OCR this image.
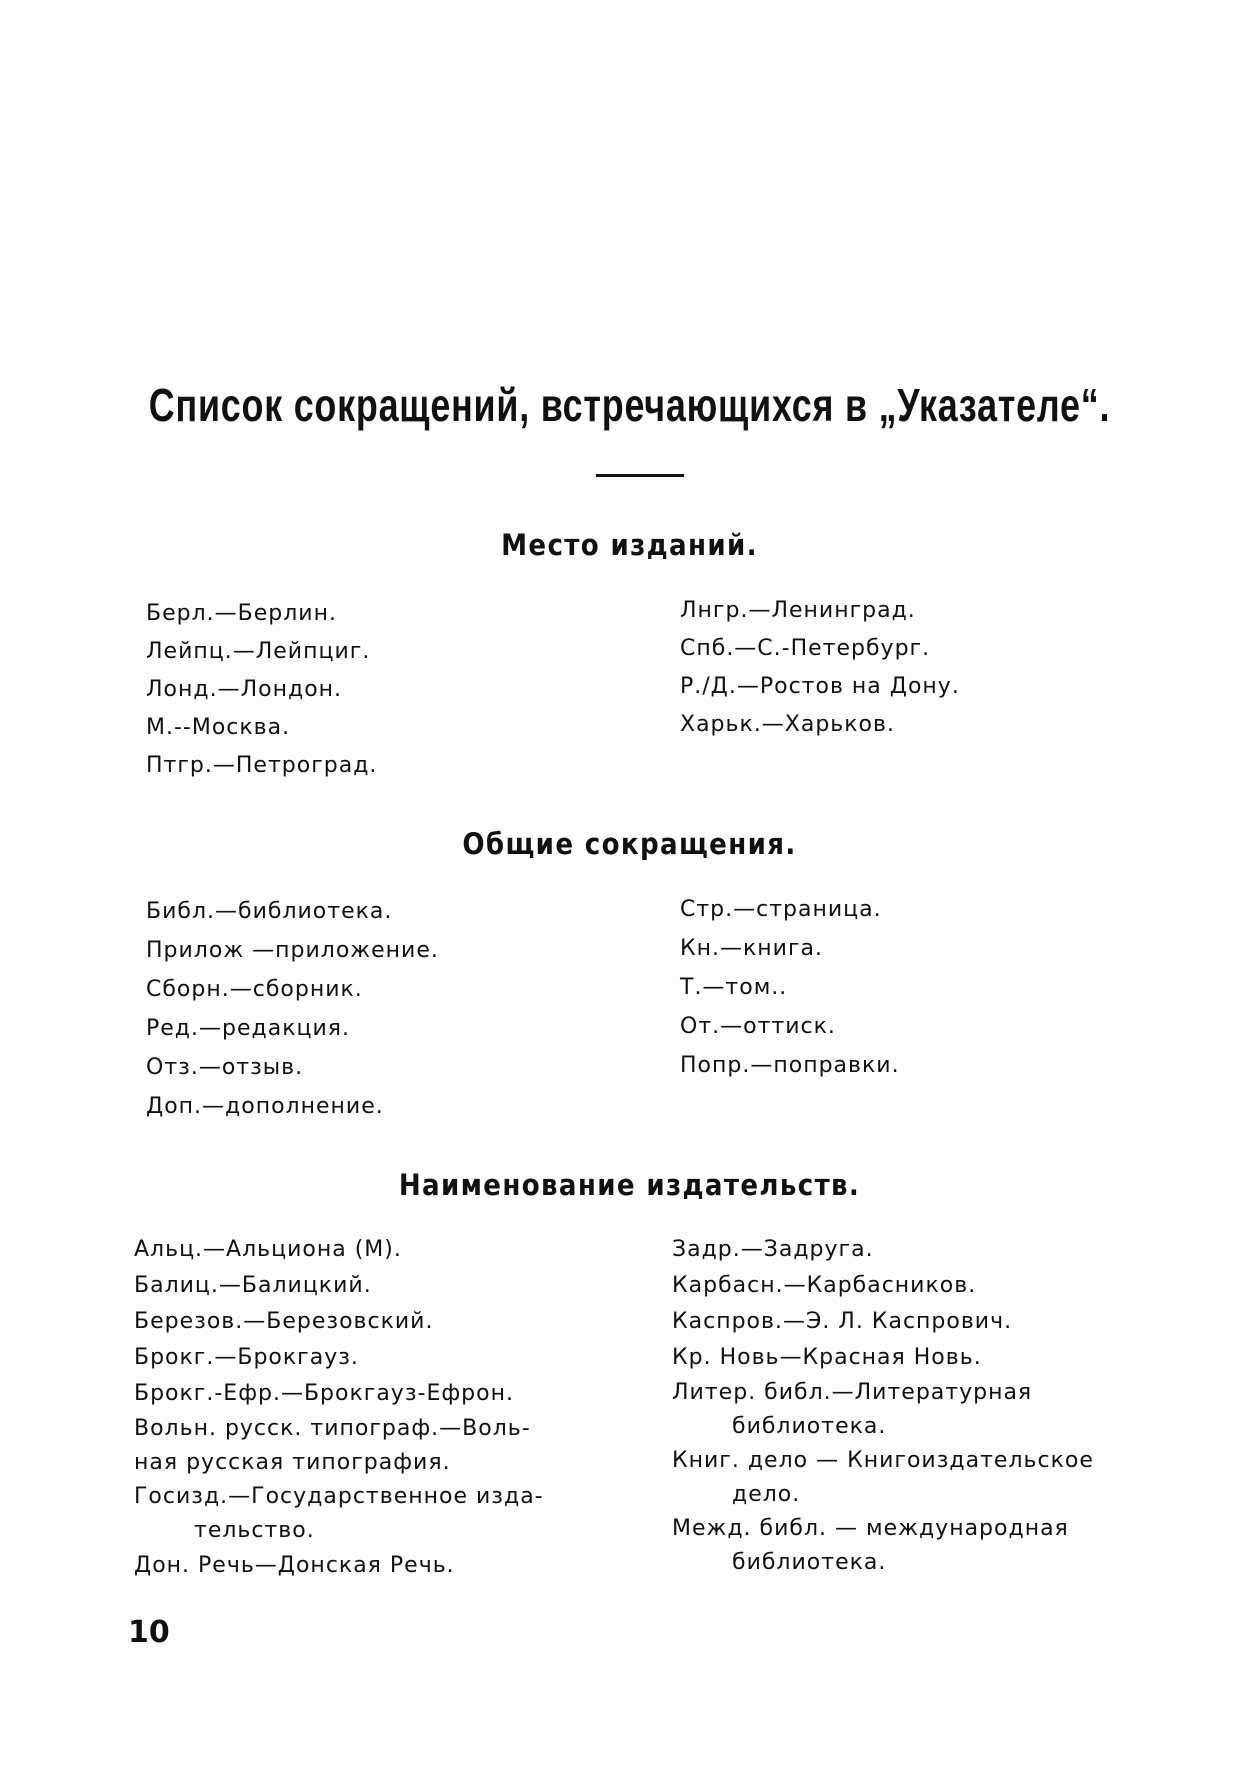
Список сокращений, встречающихся в „Указателе“.
Место изданий.
Берл.—Берлин.
Лейпц.—Лейпциг.
Лонд.—Лондон.
М.--Москва.
Птгр.—Петроград.
Лнгр.—Ленинград.
Спб.—С.-Петербург.
Р./Д.—Ростов на Дону.
Харьк.—Харьков.
Общие сокращения.
Библ.—библиотека.
Прилож —приложение.
Сборн.—сборник.
Ред.—редакция.
Отз.—отзыв.
Доп.—дополнение.
Стр.—страница.
Кн.—книга.
Т.—том..
От.—оттиск.
Попр.—поправки.
Наименование издательств.
Альц.—Альциона (М).
Балиц.—Балицкий.
Березов.—Березовский.
Брокг.—Брокгауз.
Брокг.-Ефр.—Брокгауз-Ефрон.
Вольн. русск. типограф.—Воль-
ная русская типография.
Госизд.—Государственное изда-
тельство.
Дон. Речь—Донская Речь.
Задр.—Задруга.
Карбасн.—Карбасников.
Каспров.—Э. Л. Каспрович.
Кр. Новь—Красная Новь.
Литер. библ.—Литературная
библиотека.
Книг. дело — Книгоиздательское
дело.
Межд. библ. — международная
библиотека.
10
